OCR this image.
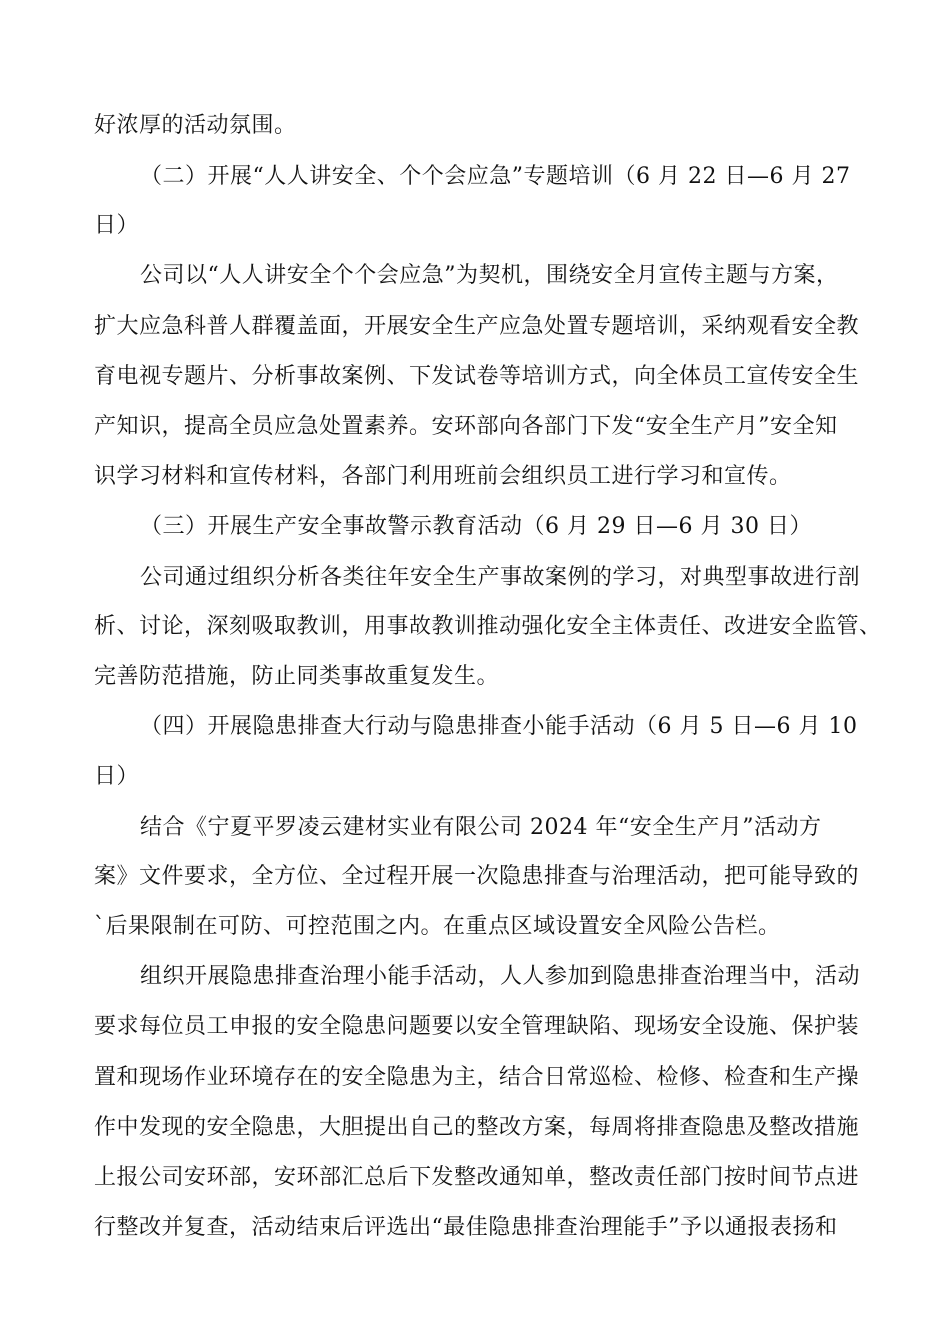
好浓厚的活动氛围。
（二）开展“人人讲安全、个个会应急”专题培训（6 月 22 日—6 月 27
日）
公司以“人人讲安全个个会应急”为契机，围绕安全月宣传主题与方案，
扩大应急科普人群覆盖面，开展安全生产应急处置专题培训，采纳观看安全教
育电视专题片、分析事故案例、下发试卷等培训方式，向全体员工宣传安全生
产知识，提高全员应急处置素养。安环部向各部门下发“安全生产月”安全知
识学习材料和宣传材料，各部门利用班前会组织员工进行学习和宣传。
（三）开展生产安全事故警示教育活动（6 月 29 日—6 月 30 日）
公司通过组织分析各类往年安全生产事故案例的学习，对典型事故进行剖
析、讨论，深刻吸取教训，用事故教训推动强化安全主体责任、改进安全监管、
完善防范措施，防止同类事故重复发生。
（四）开展隐患排查大行动与隐患排查小能手活动（6 月 5 日—6 月 10
日）
结合《宁夏平罗凌云建材实业有限公司 2024 年“安全生产月”活动方
案》文件要求，全方位、全过程开展一次隐患排查与治理活动，把可能导致的
`后果限制在可防、可控范围之内。在重点区域设置安全风险公告栏。
组织开展隐患排查治理小能手活动，人人参加到隐患排查治理当中，活动
要求每位员工申报的安全隐患问题要以安全管理缺陷、现场安全设施、保护装
置和现场作业环境存在的安全隐患为主，结合日常巡检、检修、检查和生产操
作中发现的安全隐患，大胆提出自己的整改方案，每周将排查隐患及整改措施
上报公司安环部，安环部汇总后下发整改通知单，整改责任部门按时间节点进
行整改并复查，活动结束后评选出“最佳隐患排查治理能手”予以通报表扬和
